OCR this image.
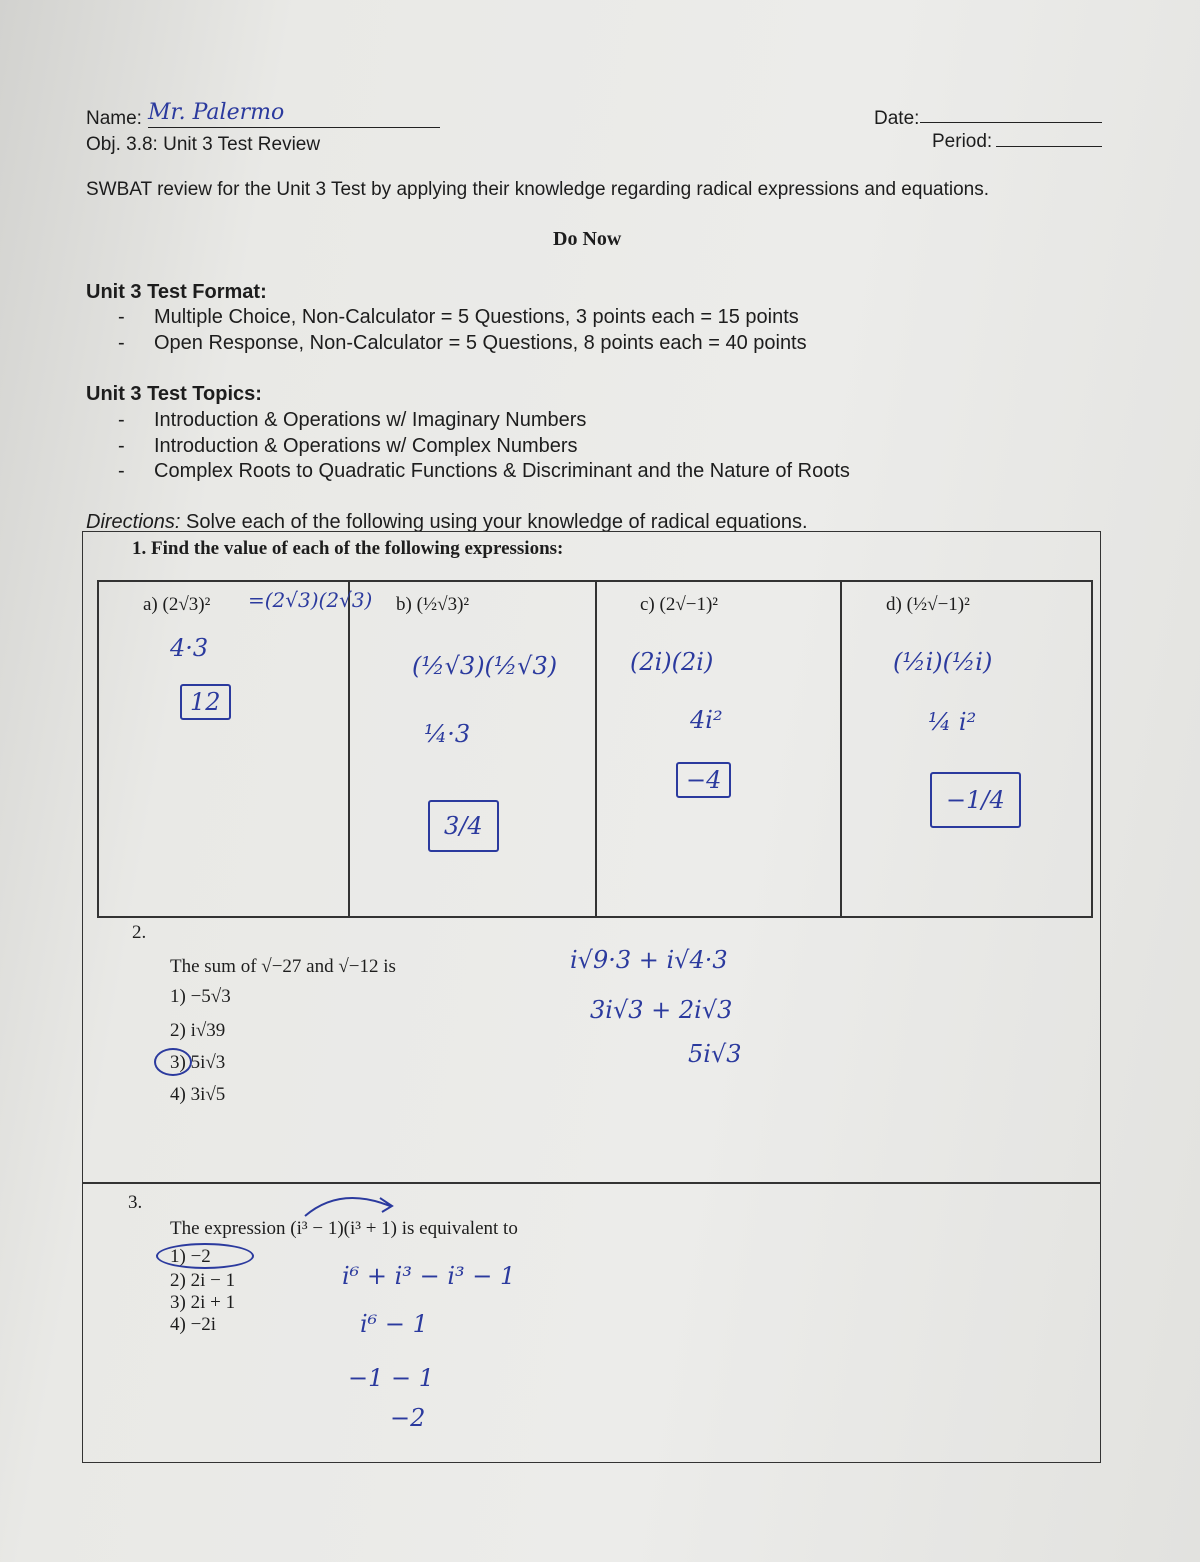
Name: Mr. Palermo	Date:
Obj. 3.8: Unit 3 Test Review	Period:
SWBAT review for the Unit 3 Test by applying their knowledge regarding radical expressions and equations.
Do Now
Unit 3 Test Format:
- Multiple Choice, Non-Calculator = 5 Questions, 3 points each = 15 points
- Open Response, Non-Calculator = 5 Questions, 8 points each = 40 points
Unit 3 Test Topics:
- Introduction & Operations w/ Imaginary Numbers
- Introduction & Operations w/ Complex Numbers
- Complex Roots to Quadratic Functions & Discriminant and the Nature of Roots
Directions: Solve each of the following using your knowledge of radical equations.
1. Find the value of each of the following expressions:
a) (2√3)² =(2√3)(2√3)
4·3
12
b) (½√3)²
(½√3)(½√3)
¼·3
3/4
c) (2√−1)²
(2i)(2i)
4i²
−4
d) (½√−1)²
(½i)(½i)
¼ i²
−1/4
2.
The sum of √−27 and √−12 is
1) −5√3
2) i√39
3) 5i√3
4) 3i√5
i√9·3 + i√4·3
3i√3 + 2i√3
5i√3
3.
The expression (i³ − 1)(i³ + 1) is equivalent to
1) −2
2) 2i − 1
3) 2i + 1
4) −2i
i⁶ + i³ − i³ − 1
i⁶ − 1
−1 − 1
−2
